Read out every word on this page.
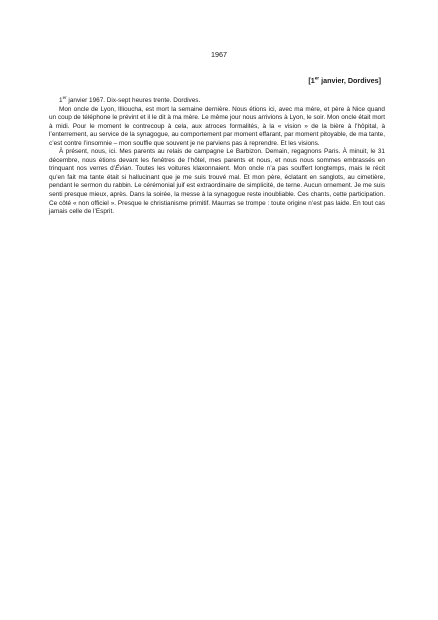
1967
[1er janvier, Dordives]

1er janvier 1967. Dix-sept heures trente. Dordives.

Mon oncle de Lyon, Illiouchа, est mort la semaine dernière. Nous étions ici, avec ma mère, et père à Nice quand un coup de téléphone le prévint et il le dit à ma mère. Le même jour nous arrivions à Lyon, le soir. Mon oncle était mort à midi. Pour le moment le contrecoup à cela, aux atroces formalités, à la « vision » de la bière à l’hôpital, à l’enterrement, au service de la synagogue, au comportement par moment effarant, par moment pitoyable, de ma tante, c’est contre l’insomnie – mon souffle que souvent je ne parviens pas à reprendre. Et les visions.

À présent, nous, ici. Mes parents au relais de campagne Le Barbizon. Demain, regagnons Paris. À minuit, le 31 décembre, nous étions devant les fenêtres de l’hôtel, mes parents et nous, et nous nous sommes embrassés en trinquant nos verres d’Évian. Toutes les voitures klaxonnaient. Mon oncle n’a pas souffert longtemps, mais le récit qu’en fait ma tante était si hallucinant que je me suis trouvé mal. Et mon père, éclatant en sanglots, au cimetière, pendant le sermon du rabbin. Le cérémonial juif est extraordinaire de simplicité, de terne. Aucun ornement. Je me suis senti presque mieux, après. Dans la soirée, la messe à la synagogue reste inoubliable. Ces chants, cette participation. Ce côté « non officiel ». Presque le christianisme primitif. Maurras se trompe : toute origine n’est pas laide. En tout cas jamais celle de l’Esprit.
